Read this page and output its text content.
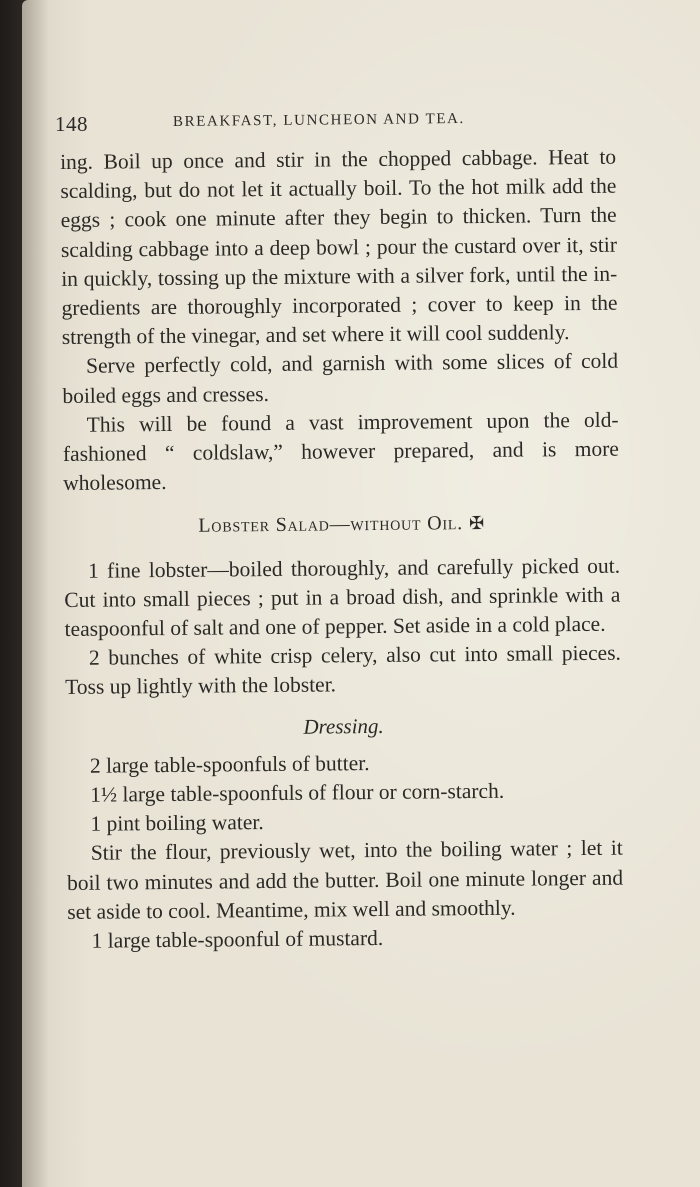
148	BREAKFAST, LUNCHEON AND TEA.

ing. Boil up once and stir in the chopped cabbage. Heat to scalding, but do not let it actually boil. To the hot milk add the eggs ; cook one minute after they begin to thicken. Turn the scalding cabbage into a deep bowl ; pour the custard over it, stir in quickly, tossing up the mixture with a silver fork, until the ingredients are thoroughly incorporated ; cover to keep in the strength of the vinegar, and set where it will cool suddenly.

Serve perfectly cold, and garnish with some slices of cold boiled eggs and cresses.

This will be found a vast improvement upon the old-fashioned “ coldslaw,” however prepared, and is more wholesome.

Lobster Salad—without Oil. ✠

1 fine lobster—boiled thoroughly, and carefully picked out. Cut into small pieces ; put in a broad dish, and sprinkle with a teaspoonful of salt and one of pepper. Set aside in a cold place.

2 bunches of white crisp celery, also cut into small pieces. Toss up lightly with the lobster.

Dressing.

2 large table-spoonfuls of butter.

1½ large table-spoonfuls of flour or corn-starch.

1 pint boiling water.

Stir the flour, previously wet, into the boiling water ; let it boil two minutes and add the butter. Boil one minute longer and set aside to cool. Meantime, mix well and smoothly.

1 large table-spoonful of mustard.
